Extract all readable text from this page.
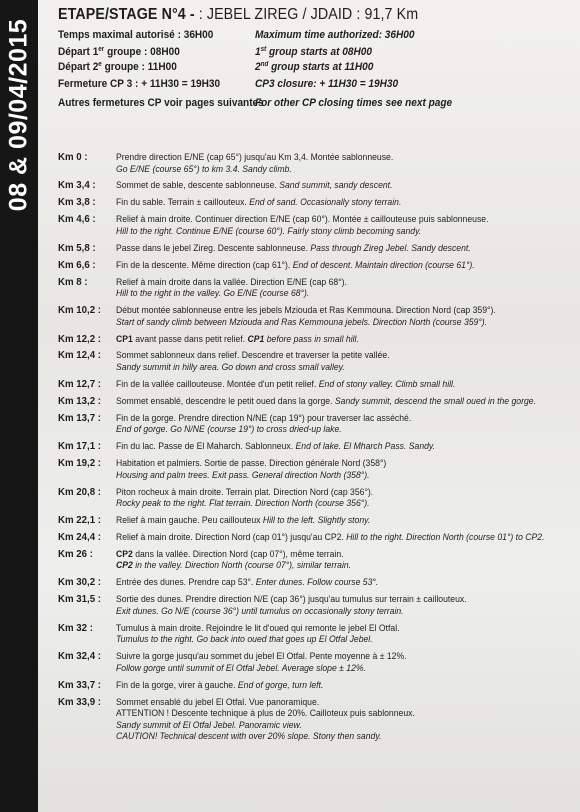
08 & 09/04/2015
ETAPE/STAGE N°4 - : JEBEL ZIREG / JDAID : 91,7 Km
Temps maximal autorisé : 36H00	Maximum time authorized: 36H00
Départ 1er groupe : 08H00	1st group starts at 08H00
Départ 2e groupe : 11H00	2nd group starts at 11H00
Fermeture CP 3 : + 11H30 = 19H30	CP3 closure: + 11H30 = 19H30
Autres fermetures CP voir pages suivantes
For other CP closing times see next page
Km 0 :	Prendre direction E/NE (cap 65°) jusqu'au Km 3,4. Montée sablonneuse.
Go E/NE (course 65°) to km 3.4. Sandy climb.
Km 3,4 :	Sommet de sable, descente sablonneuse. Sand summit, sandy descent.
Km 3,8 :	Fin du sable. Terrain ± caillouteux. End of sand. Occasionally stony terrain.
Km 4,6 :	Relief à main droite. Continuer direction E/NE (cap 60°). Montée ± caillouteuse puis sablonneuse.
Hill to the right. Continue E/NE (course 60°). Fairly stony climb becoming sandy.
Km 5,8 :	Passe dans le jebel Zireg. Descente sablonneuse. Pass through Zireg Jebel. Sandy descent.
Km 6,6 :	Fin de la descente. Même direction (cap 61°). End of descent. Maintain direction (course 61°).
Km 8 :	Relief à main droite dans la vallée. Direction E/NE (cap 68°).
Hill to the right in the valley. Go E/NE (course 68°).
Km 10,2 :	Début montée sablonneuse entre les jebels Mziouda et Ras Kemmouna. Direction Nord (cap 359°).
Start of sandy climb between Mziouda and Ras Kemmouna jebels. Direction North (course 359°).
Km 12,2 :	CP1 avant passe dans petit relief. CP1 before pass in small hill.
Km 12,4 :	Sommet sablonneux dans relief. Descendre et traverser la petite vallée.
Sandy summit in hilly area. Go down and cross small valley.
Km 12,7 :	Fin de la vallée caillouteuse. Montée d'un petit relief. End of stony valley. Climb small hill.
Km 13,2 :	Sommet ensablé, descendre le petit oued dans la gorge. Sandy summit, descend the small oued in the gorge.
Km 13,7 :	Fin de la gorge. Prendre direction N/NE (cap 19°) pour traverser lac asséché.
End of gorge. Go N/NE (course 19°) to cross dried-up lake.
Km 17,1 :	Fin du lac. Passe de El Maharch. Sablonneux. End of lake. El Mharch Pass. Sandy.
Km 19,2 :	Habitation et palmiers. Sortie de passe. Direction générale Nord (358°)
Housing and palm trees. Exit pass. General direction North (358°).
Km 20,8 :	Piton rocheux à main droite. Terrain plat. Direction Nord (cap 356°).
Rocky peak to the right. Flat terrain. Direction North (course 356°).
Km 22,1 :	Relief à main gauche. Peu caillouteux Hill to the left. Slightly stony.
Km 24,4 :	Relief à main droite. Direction Nord (cap 01°) jusqu'au CP2. Hill to the right. Direction North (course 01°) to CP2.
Km 26 :	CP2 dans la vallée. Direction Nord (cap 07°), même terrain.
CP2 in the valley. Direction North (course 07°), similar terrain.
Km 30,2 :	Entrée des dunes. Prendre cap 53°. Enter dunes. Follow course 53°.
Km 31,5 :	Sortie des dunes. Prendre direction N/E (cap 36°) jusqu'au tumulus sur terrain ± caillouteux.
Exit dunes. Go N/E (course 36°) until tumulus on occasionally stony terrain.
Km 32 :	Tumulus à main droite. Rejoindre le lit d'oued qui remonte le jebel El Otfal.
Tumulus to the right. Go back into oued that goes up El Otfal Jebel.
Km 32,4 :	Suivre la gorge jusqu'au sommet du jebel El Otfal. Pente moyenne à ± 12%.
Follow gorge until summit of El Otfal Jebel. Average slope ± 12%.
Km 33,7 :	Fin de la gorge, virer à gauche. End of gorge, turn left.
Km 33,9 :	Sommet ensablé du jebel El Otfal. Vue panoramique.
ATTENTION ! Descente technique à plus de 20%. Cailloteux puis sablonneux.
Sandy summit of El Otfal Jebel. Panoramic view.
CAUTION! Technical descent with over 20% slope. Stony then sandy.
